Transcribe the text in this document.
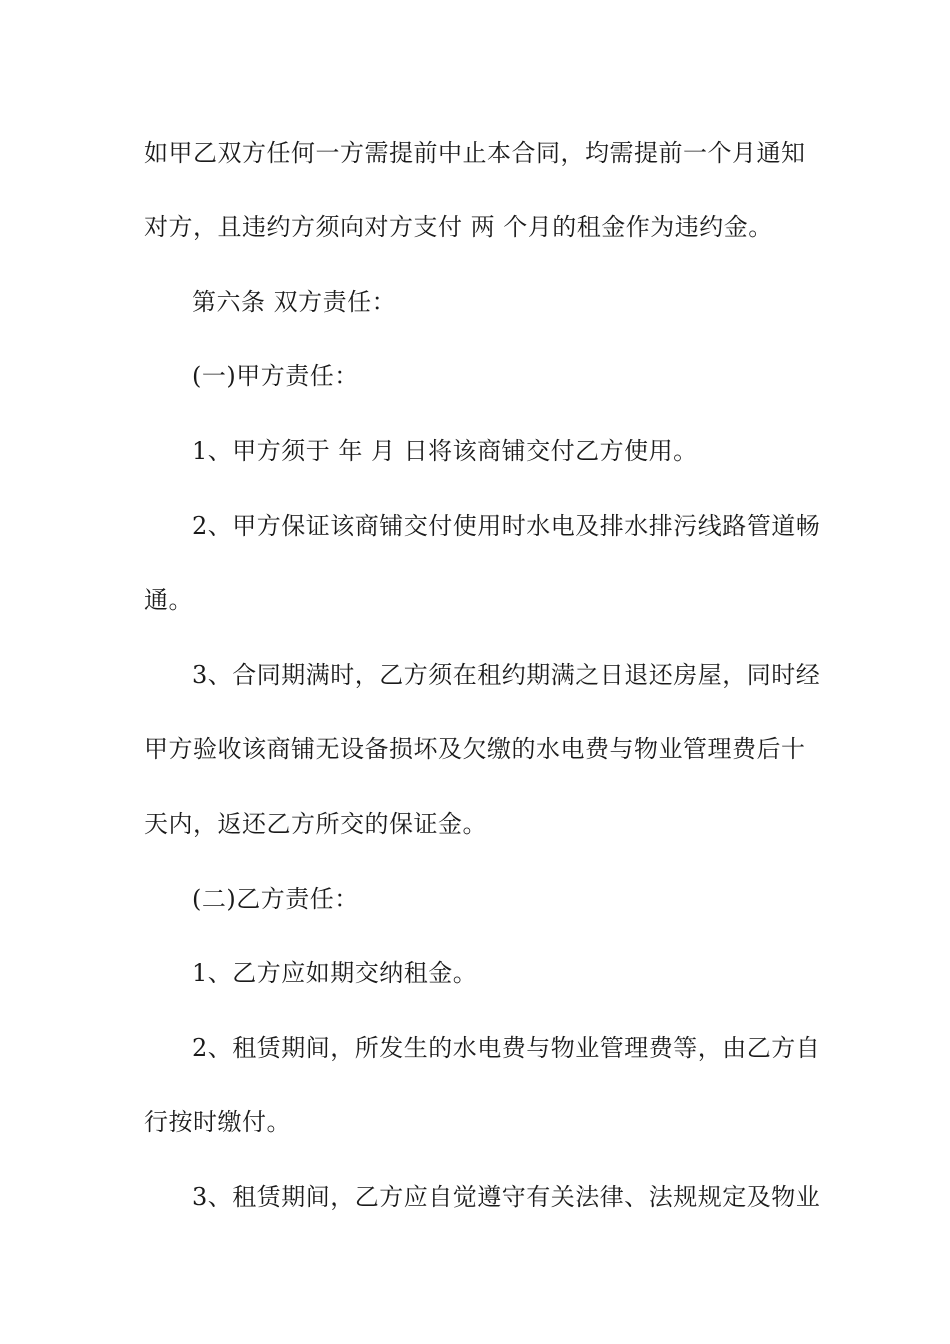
如甲乙双方任何一方需提前中止本合同，均需提前一个月通知
对方，且违约方须向对方支付 两 个月的租金作为违约金。
第六条 双方责任：
(一)甲方责任：
1、甲方须于 年 月 日将该商铺交付乙方使用。
2、甲方保证该商铺交付使用时水电及排水排污线路管道畅
通。
3、合同期满时，乙方须在租约期满之日退还房屋，同时经
甲方验收该商铺无设备损坏及欠缴的水电费与物业管理费后十
天内，返还乙方所交的保证金。
(二)乙方责任：
1、乙方应如期交纳租金。
2、租赁期间，所发生的水电费与物业管理费等，由乙方自
行按时缴付。
3、租赁期间，乙方应自觉遵守有关法律、法规规定及物业
